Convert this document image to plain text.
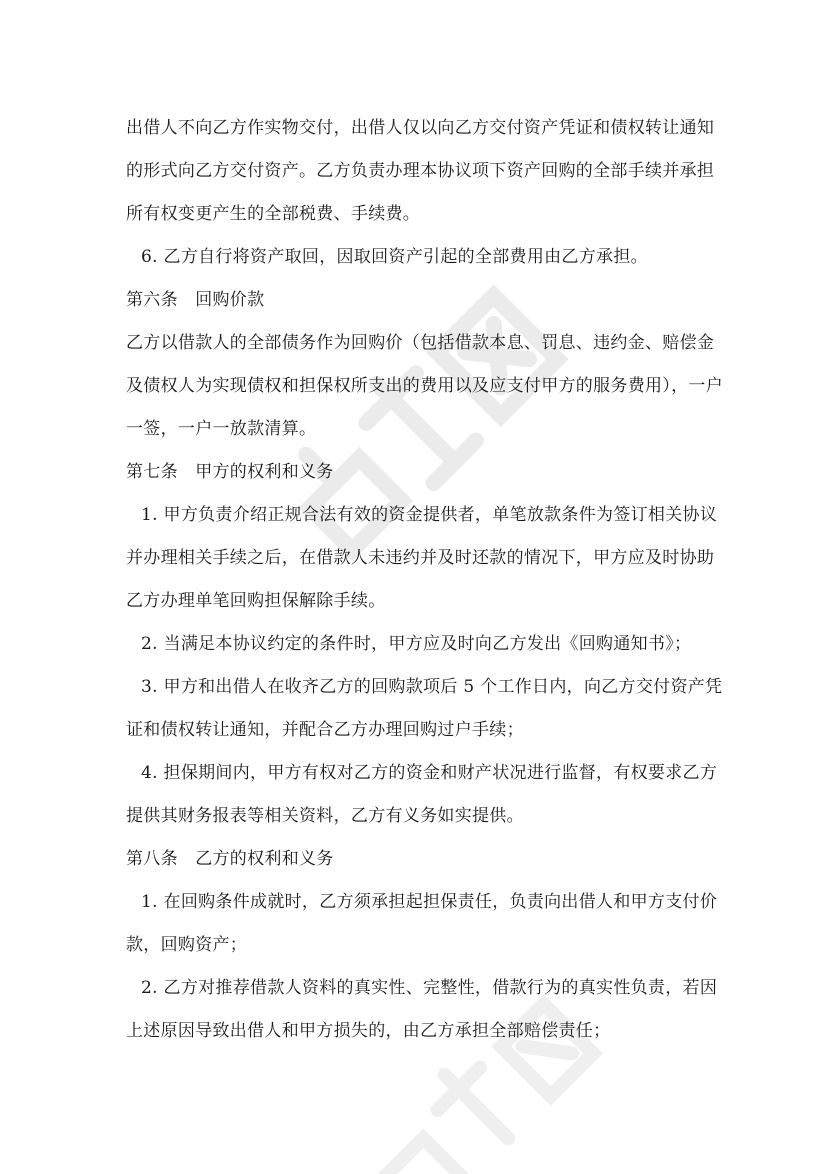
出借人不向乙方作实物交付，出借人仅以向乙方交付资产凭证和债权转让通知
的形式向乙方交付资产。乙方负责办理本协议项下资产回购的全部手续并承担
所有权变更产生的全部税费、手续费。
6. 乙方自行将资产取回，因取回资产引起的全部费用由乙方承担。
第六条　回购价款
乙方以借款人的全部债务作为回购价（包括借款本息、罚息、违约金、赔偿金
及债权人为实现债权和担保权所支出的费用以及应支付甲方的服务费用），一户
一签，一户一放款清算。
第七条　甲方的权利和义务
1. 甲方负责介绍正规合法有效的资金提供者，单笔放款条件为签订相关协议
并办理相关手续之后，在借款人未违约并及时还款的情况下，甲方应及时协助
乙方办理单笔回购担保解除手续。
2. 当满足本协议约定的条件时，甲方应及时向乙方发出《回购通知书》；
3. 甲方和出借人在收齐乙方的回购款项后 5 个工作日内，向乙方交付资产凭
证和债权转让通知，并配合乙方办理回购过户手续；
4. 担保期间内，甲方有权对乙方的资金和财产状况进行监督，有权要求乙方
提供其财务报表等相关资料，乙方有义务如实提供。
第八条　乙方的权利和义务
1. 在回购条件成就时，乙方须承担起担保责任，负责向出借人和甲方支付价
款，回购资产；
2. 乙方对推荐借款人资料的真实性、完整性，借款行为的真实性负责，若因
上述原因导致出借人和甲方损失的，由乙方承担全部赔偿责任；
